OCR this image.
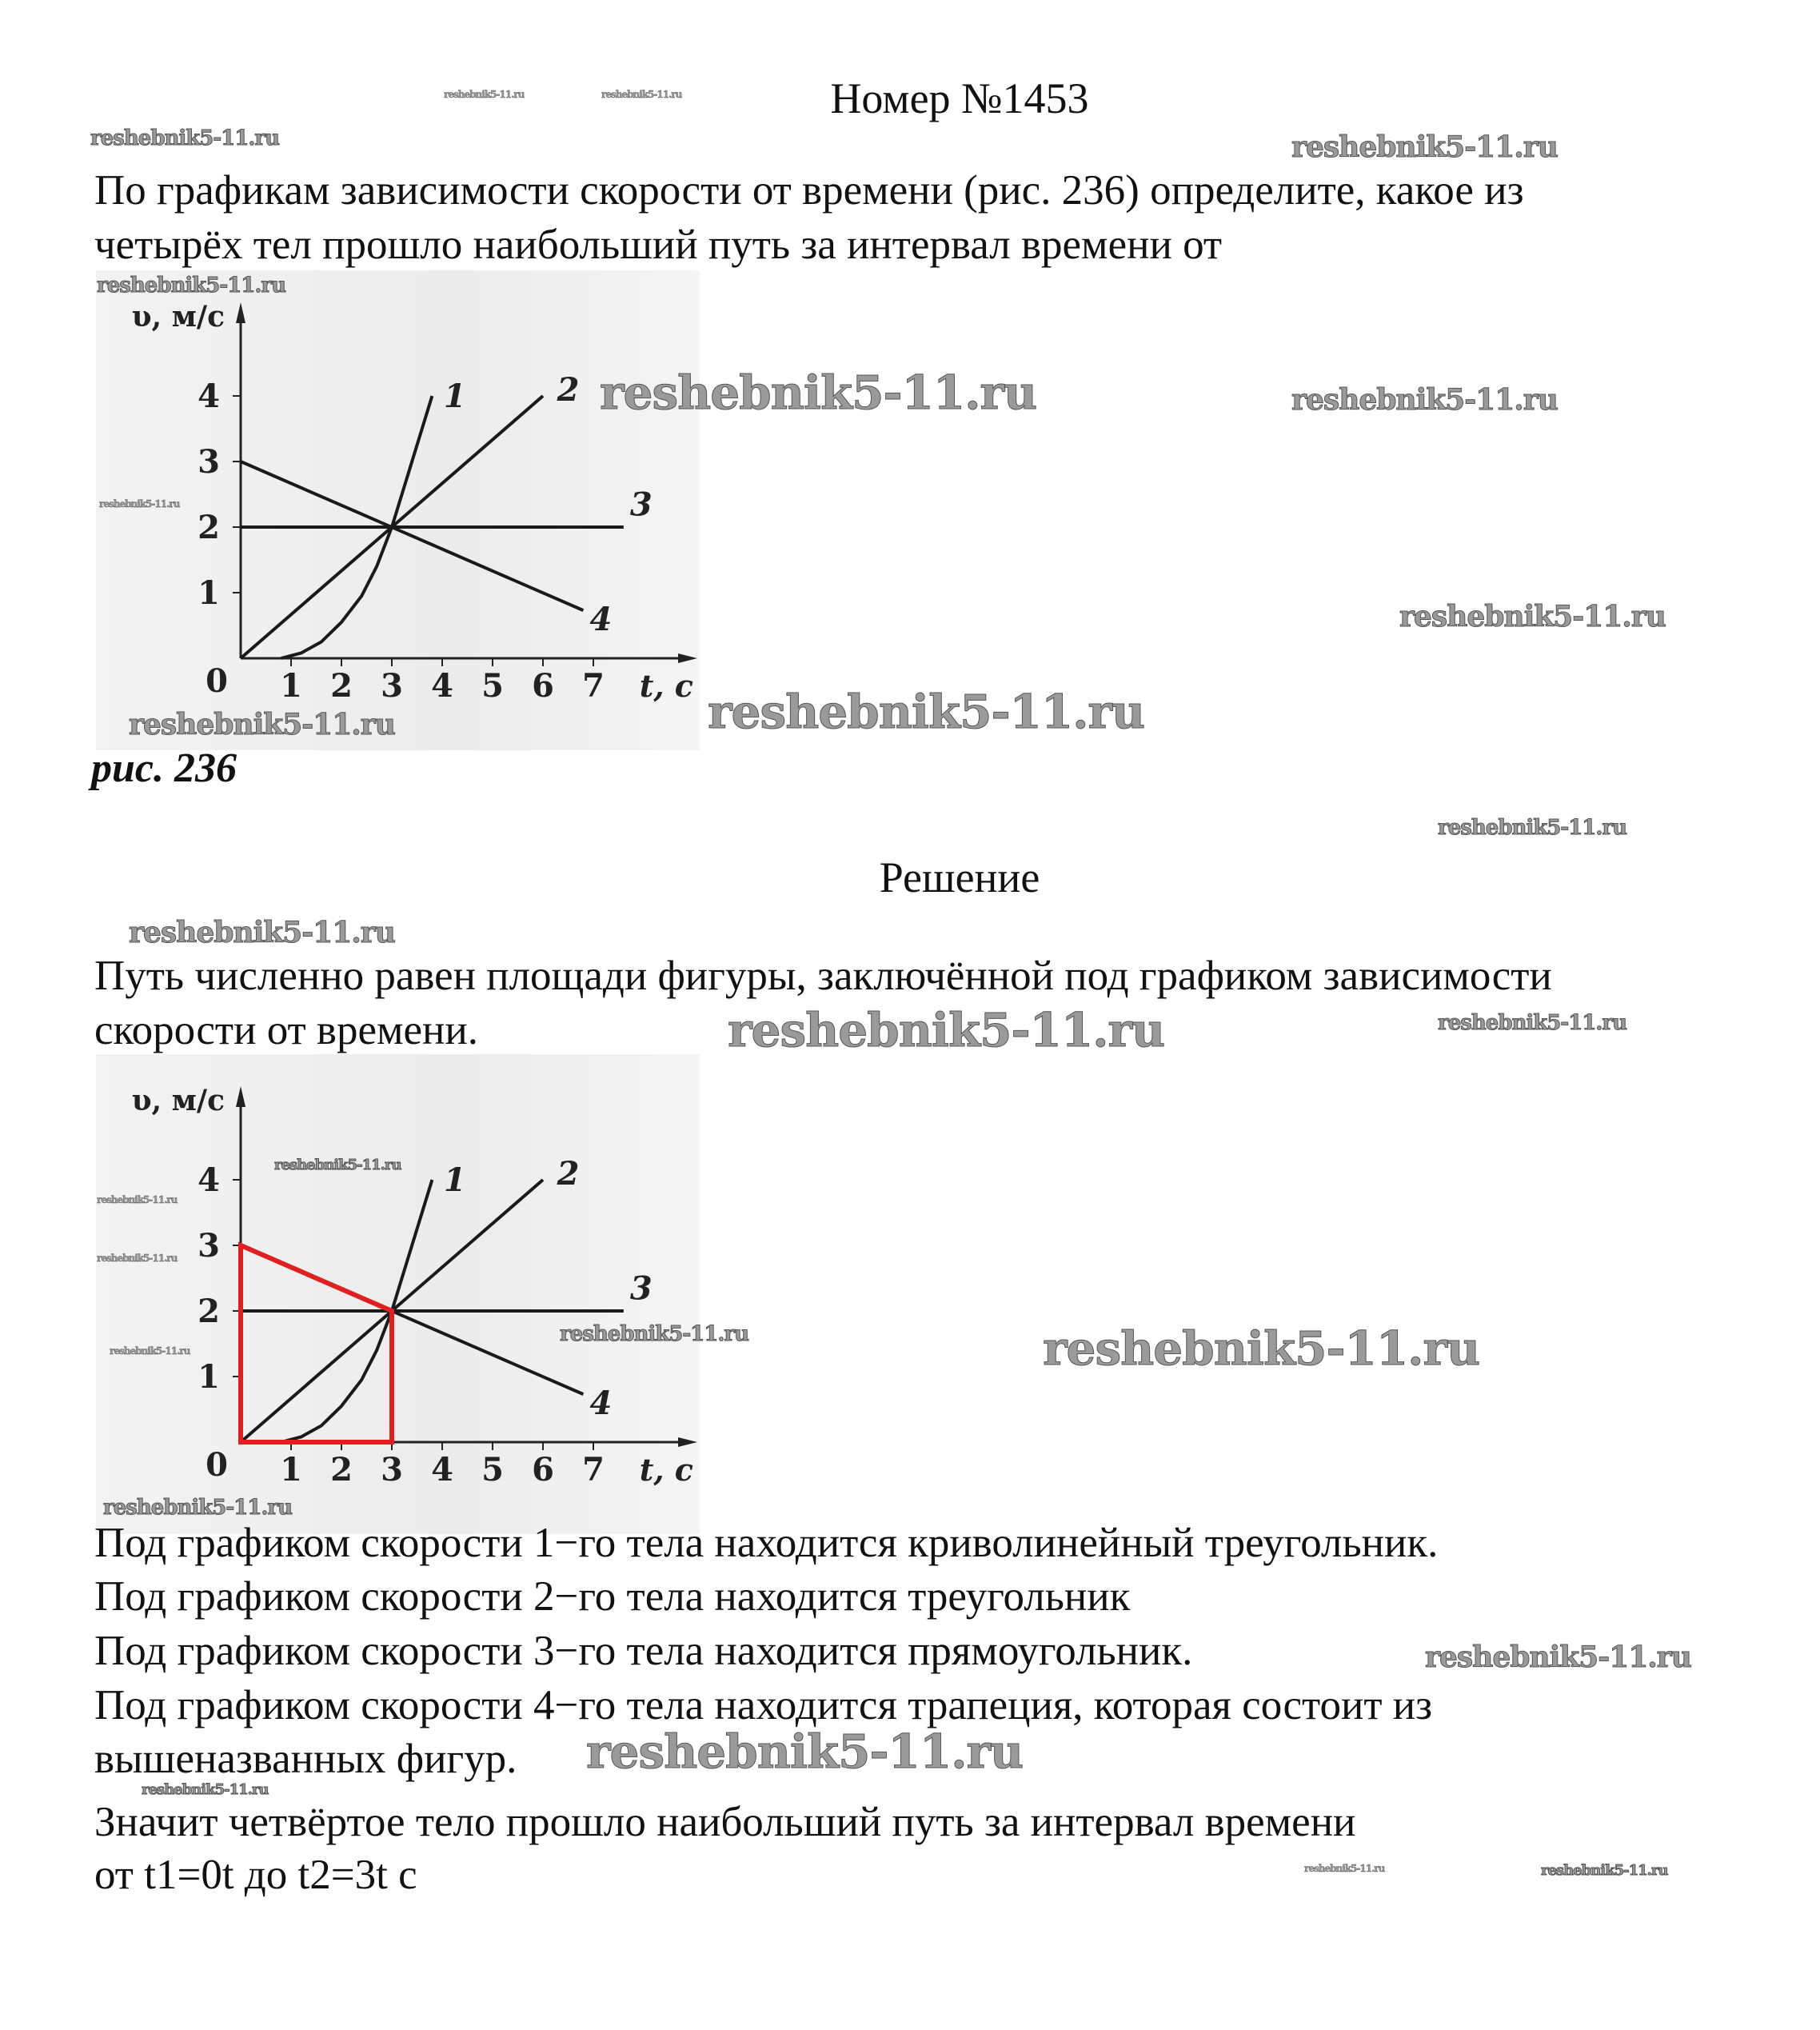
Номер №1453
По графикам зависимости скорости от времени (рис. 236) определите, какое из
четырёх тел прошло наибольший путь за интервал времени от
1 2 3 4 5 6 7
1
2
3
4
0	t, c
υ, м/с
1	2
3
4
рис. 236
Решение
Путь численно равен площади фигуры, заключённой под графиком зависимости
скорости от времени.
1 2 3 4 5 6 7
1
2
3
4
0	t, c
υ, м/с
1	2
3
4
Под графиком скорости 1−го тела находится криволинейный треугольник.
Под графиком скорости 2−го тела находится треугольник
Под графиком скорости 3−го тела находится прямоугольник.
Под графиком скорости 4−го тела находится трапеция, которая состоит из
вышеназванных фигур.
Значит четвёртое тело прошло наибольший путь за интервал времени
от t1=0t до t2=3t с
reshebnik5-11.ru
reshebnik5-11.ru	reshebnik5-11.ru
reshebnik5-11.ru
reshebnik5-11.ru
reshebnik5-11.ru	reshebnik5-11.ru
reshebnik5-11.ru
reshebnik5-11.ru
reshebnik5-11.ru
reshebnik5-11.ru
reshebnik5-11.ru
reshebnik5-11.ru
reshebnik5-11.ru
reshebnik5-11.ru
reshebnik5-11.ru
reshebnik5-11.ru
reshebnik5-11.ru
reshebnik5-11.ru
reshebnik5-11.ru	reshebnik5-11.ru
reshebnik5-11.ru
reshebnik5-11.ru
reshebnik5-11.ru
reshebnik5-11.ru
reshebnik5-11.ru	reshebnik5-11.ru
